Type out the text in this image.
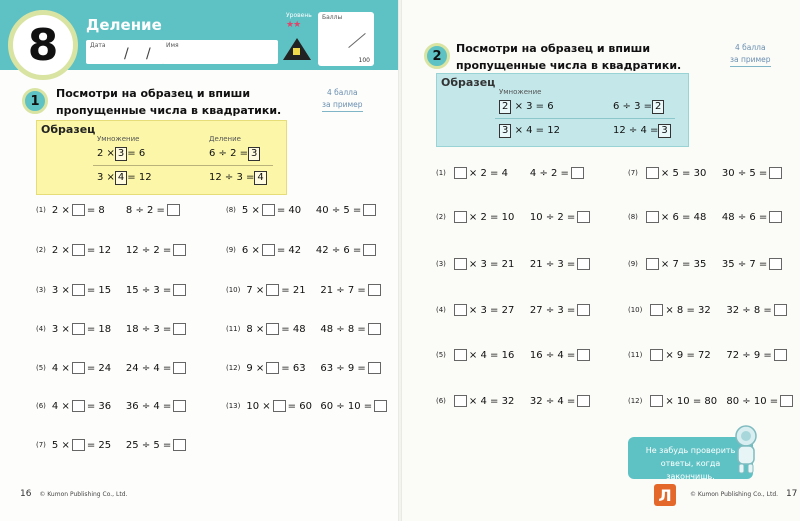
8 Деление
Дата
/ /
Имя
Уровень
★★
Баллы
100
1	Посмотри на образец и впиши пропущенные числа в квадратики.
4 балла
за пример
Образец
Умножение	Деление
2 × 3 = 6	6 ÷ 2 = 3
3 × 4 = 12	12 ÷ 3 = 4
(1) 2 × = 8	8 ÷ 2 =
(2) 2 × = 12	12 ÷ 2 =
(3) 3 × = 15	15 ÷ 3 =
(4) 3 × = 18	18 ÷ 3 =
(5) 4 × = 24	24 ÷ 4 =
(6) 4 × = 36	36 ÷ 4 =
(7) 5 × = 25	25 ÷ 5 =
(8) 5 × = 40	40 ÷ 5 =
(9) 6 × = 42	42 ÷ 6 =
(10) 7 × = 21	21 ÷ 7 =
(11) 8 × = 48	48 ÷ 8 =
(12) 9 × = 63	63 ÷ 9 =
(13) 10 × = 60 60 ÷ 10 =
2	Посмотри на образец и впиши пропущенные числа в квадратики.
4 балла
за пример
Образец
Умножение
2 × 3 = 6	6 ÷ 3 = 2
3 × 4 = 12	12 ÷ 4 = 3
(1)	× 2 = 4	4 ÷ 2 =
(2)	× 2 = 10	10 ÷ 2 =
(3)	× 3 = 21	21 ÷ 3 =
(4)	× 3 = 27	27 ÷ 3 =
(5)	× 4 = 16	16 ÷ 4 =
(6)	× 4 = 32	32 ÷ 4 =
(7)	× 5 = 30	30 ÷ 5 =
(8)	× 6 = 48	48 ÷ 6 =
(9)	× 7 = 35	35 ÷ 7 =
(10)	× 8 = 32	32 ÷ 8 =
(11)	× 9 = 72	72 ÷ 9 =
(12)	× 10 = 80 80 ÷ 10 =
Не забудь проверить ответы, когда закончишь.
16 © Kumon Publishing Co., Ltd.	© Kumon Publishing Co., Ltd. 17
Л
